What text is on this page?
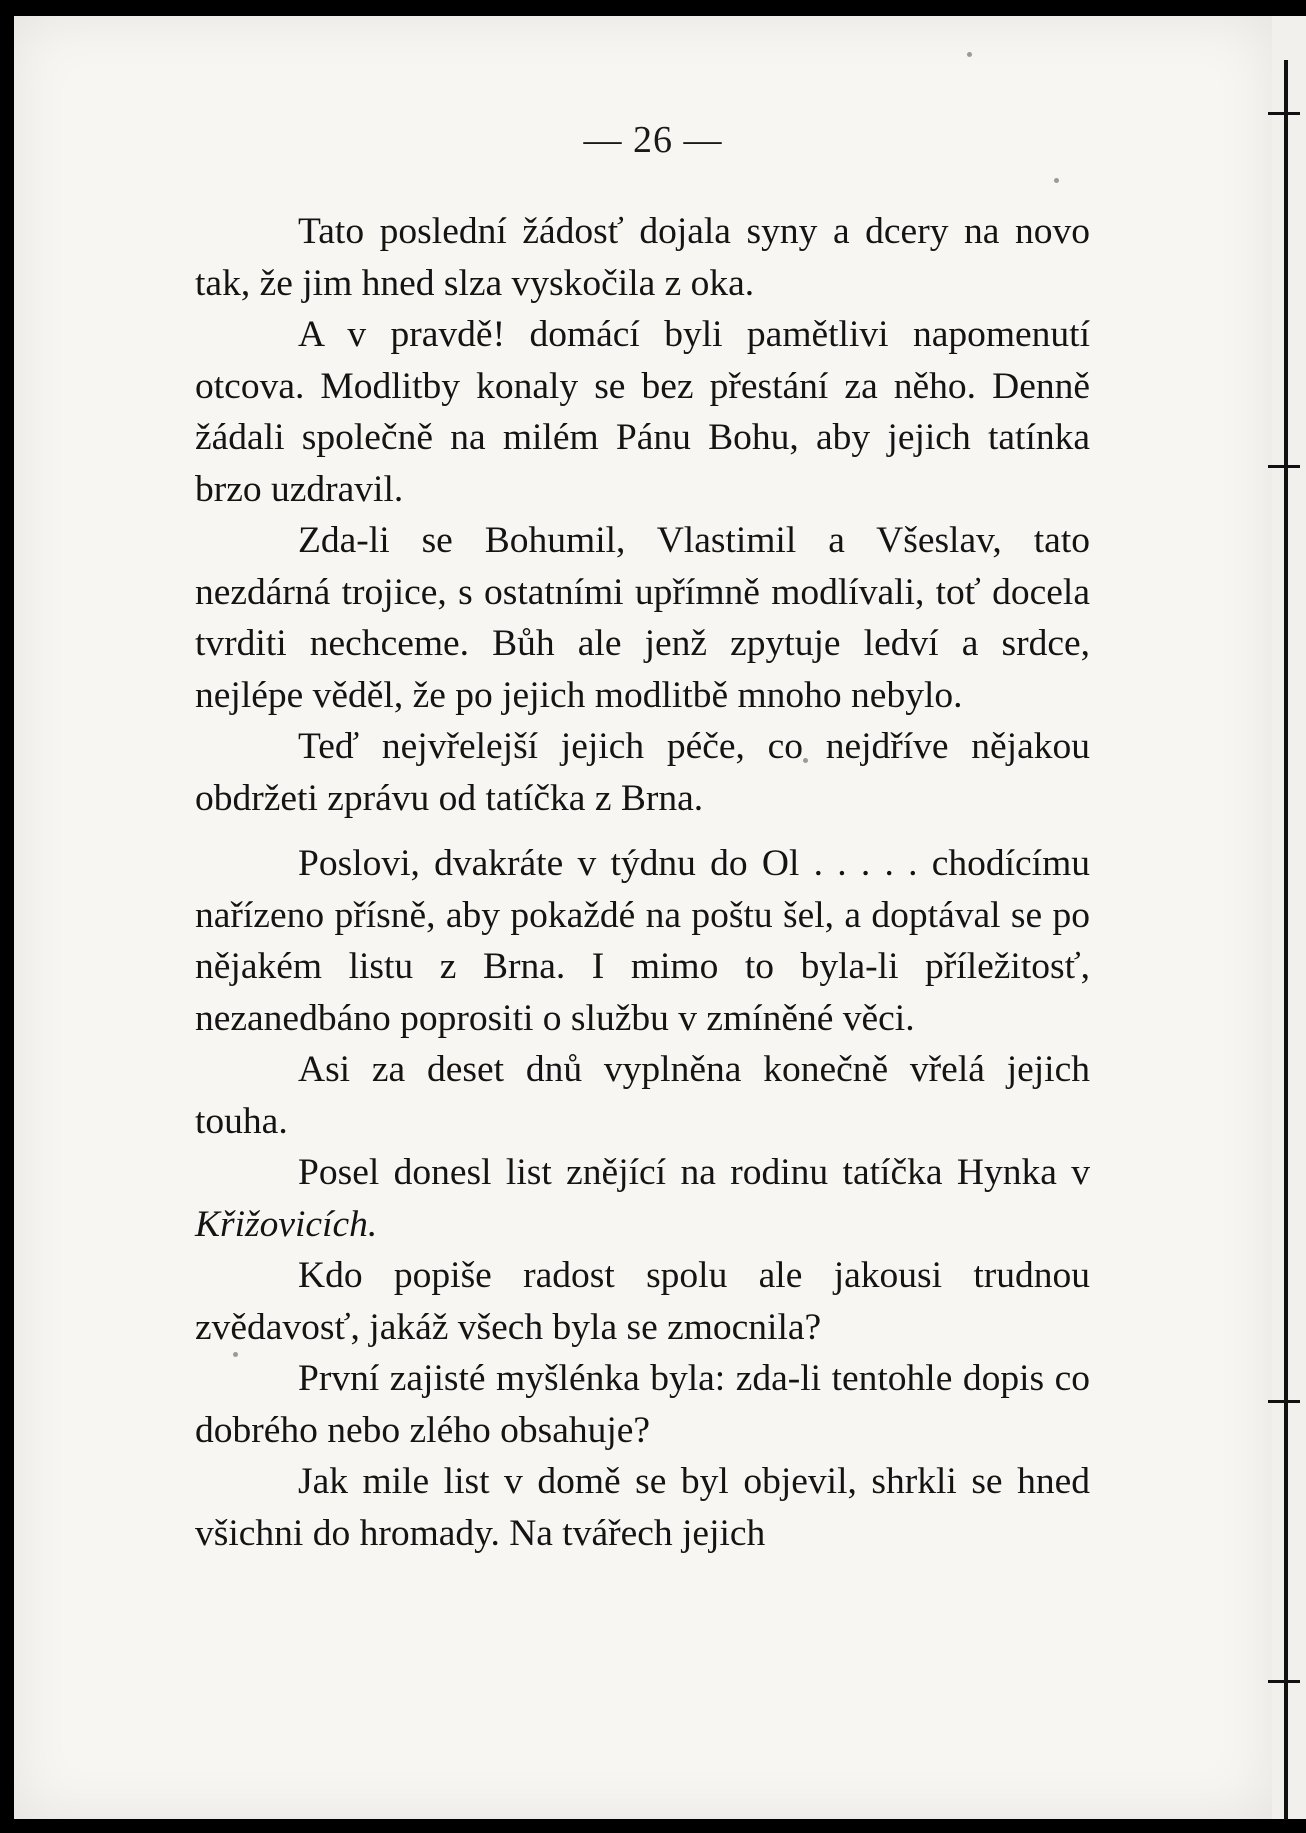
— 26 —

Tato poslední žádosť dojala syny a dcery na novo tak, že jim hned slza vyskočila z oka.

A v pravdě! domácí byli pamětlivi napomenutí otcova. Modlitby konaly se bez přestání za něho. Denně žádali společně na milém Pánu Bohu, aby jejich tatínka brzo uzdravil.

Zda-li se Bohumil, Vlastimil a Všeslav, tato nezdárná trojice, s ostatními upřímně modlívali, toť docela tvrditi nechceme. Bůh ale jenž zpytuje ledví a srdce, nejlépe věděl, že po jejich modlitbě mnoho nebylo.

Teď nejvřelejší jejich péče, co nejdříve nějakou obdržeti zprávu od tatíčka z Brna.

Poslovi, dvakráte v týdnu do Ol . . . . . chodícímu nařízeno přísně, aby pokaždé na poštu šel, a doptával se po nějakém listu z Brna. I mimo to byla-li příležitosť, nezanedbáno poprositi o službu v zmíněné věci.

Asi za deset dnů vyplněna konečně vřelá jejich touha.

Posel donesl list znějící na rodinu tatíčka Hynka v Křižovicích.

Kdo popiše radost spolu ale jakousi trudnou zvědavosť, jakáž všech byla se zmocnila?

První zajisté myšlénka byla: zda-li tentohle dopis co dobrého nebo zlého obsahuje?

Jak mile list v domě se byl objevil, shrkli se hned všichni do hromady. Na tvářech jejich
